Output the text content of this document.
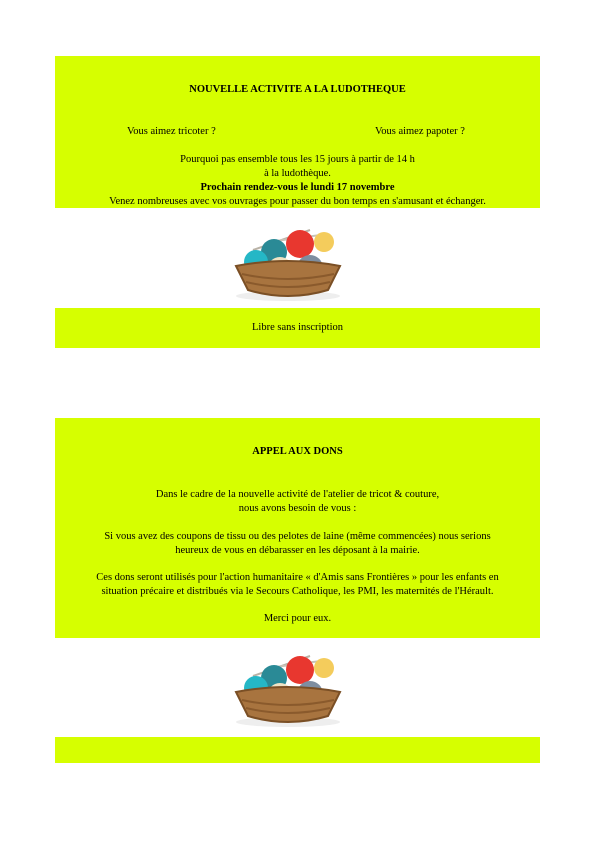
NOUVELLE ACTIVITE A LA LUDOTHEQUE
Vous aimez tricoter ?	Vous aimez papoter ?
Pourquoi pas ensemble tous les 15 jours à partir de 14 h
à la ludothèque.
Prochain rendez-vous le lundi 17 novembre
Venez nombreuses avec vos ouvrages pour passer du bon temps en s'amusant et échanger.
Libre sans inscription
APPEL AUX DONS
Dans le cadre de la nouvelle activité de l'atelier de tricot & couture,
nous avons besoin de vous :
Si vous avez des coupons de tissu ou des pelotes de laine (même commencées) nous serions
heureux de vous en débarasser en les déposant à la mairie.
Ces dons seront utilisés pour l'action humanitaire « d'Amis sans Frontières » pour les enfants en
situation précaire et distribués via le Secours Catholique, les PMI, les maternités de l'Hérault.
Merci pour eux.
